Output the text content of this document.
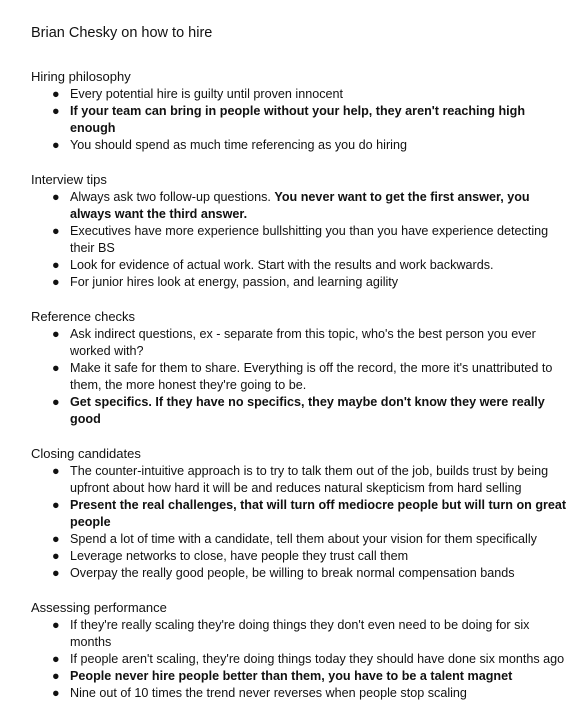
Brian Chesky on how to hire
Hiring philosophy
● Every potential hire is guilty until proven innocent
● If your team can bring in people without your help, they aren't reaching high enough
● You should spend as much time referencing as you do hiring
Interview tips
● Always ask two follow-up questions. You never want to get the first answer, you always want the third answer.
● Executives have more experience bullshitting you than you have experience detecting their BS
● Look for evidence of actual work. Start with the results and work backwards.
● For junior hires look at energy, passion, and learning agility
Reference checks
● Ask indirect questions, ex - separate from this topic, who's the best person you ever worked with?
● Make it safe for them to share. Everything is off the record, the more it's unattributed to them, the more honest they're going to be.
● Get specifics. If they have no specifics, they maybe don't know they were really good
Closing candidates
● The counter-intuitive approach is to try to talk them out of the job, builds trust by being upfront about how hard it will be and reduces natural skepticism from hard selling
● Present the real challenges, that will turn off mediocre people but will turn on great people
● Spend a lot of time with a candidate, tell them about your vision for them specifically
● Leverage networks to close, have people they trust call them
● Overpay the really good people, be willing to break normal compensation bands
Assessing performance
● If they're really scaling they're doing things they don't even need to be doing for six months
● If people aren't scaling, they're doing things today they should have done six months ago
● People never hire people better than them, you have to be a talent magnet
● Nine out of 10 times the trend never reverses when people stop scaling
